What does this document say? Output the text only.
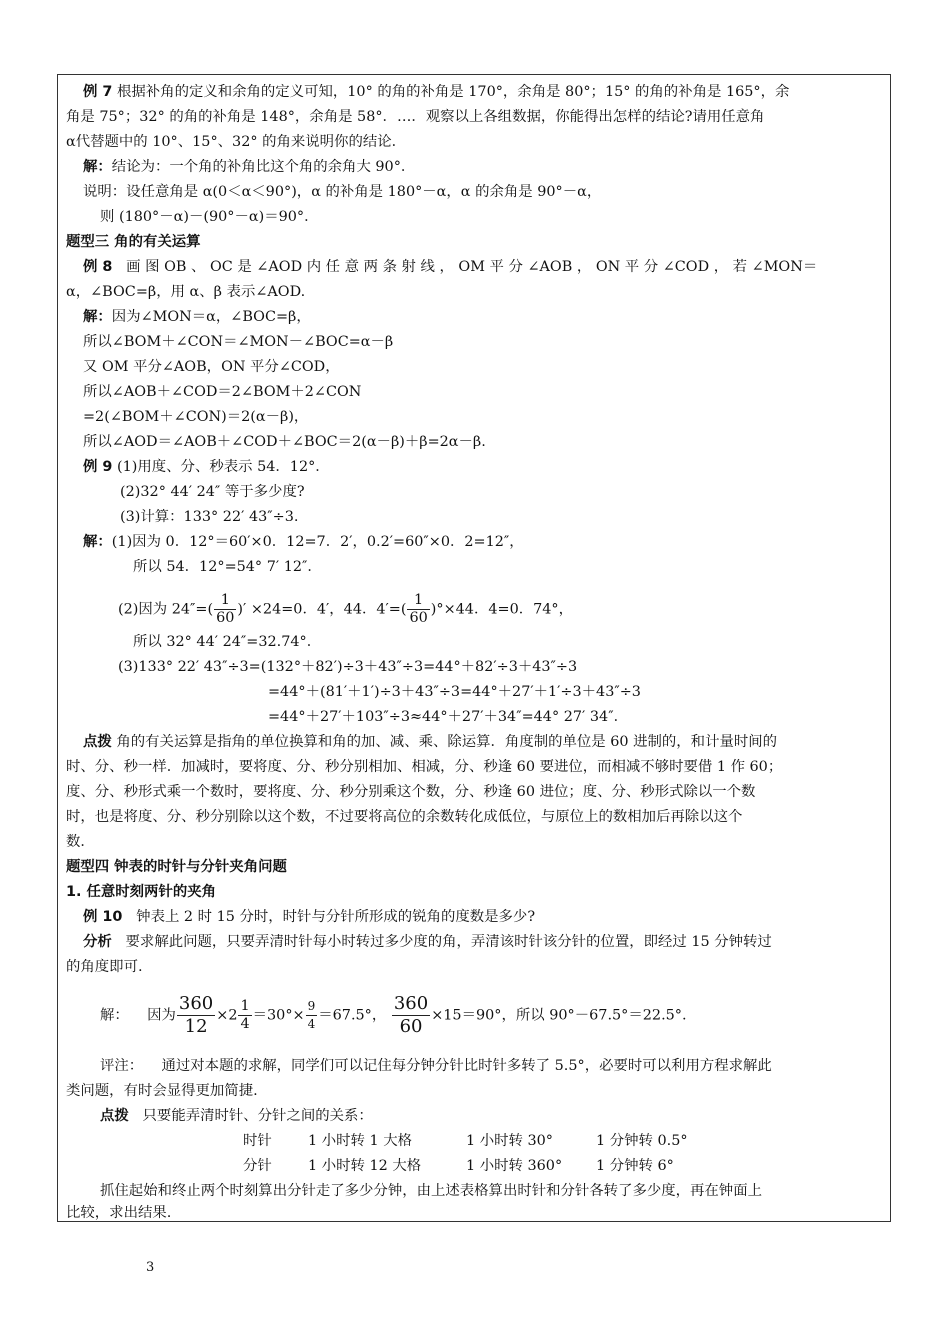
例 7 根据补角的定义和余角的定义可知，10° 的角的补角是 170°，余角是 80°；15° 的角的补角是 165°，余
角是 75°；32° 的角的补角是 148°，余角是 58°．…．观察以上各组数据，你能得出怎样的结论?请用任意角
α代替题中的 10°、15°、32° 的角来说明你的结论．
解：结论为：一个角的补角比这个角的余角大 90°．
说明：设任意角是 α(0＜α＜90°)，α 的补角是 180°－α，α 的余角是 90°－α，
则 (180°－α)－(90°－α)＝90°．
题型三 角的有关运算
例 8 画 图 OB 、 OC 是 ∠AOD 内 任 意 两 条 射 线 ， OM 平 分 ∠AOB ， ON 平 分 ∠COD ， 若 ∠MON＝
α，∠BOC=β，用 α、β 表示∠AOD.
解：因为∠MON＝α，∠BOC=β，
所以∠BOM＋∠CON＝∠MON－∠BOC=α－β
又 OM 平分∠AOB，ON 平分∠COD，
所以∠AOB＋∠COD＝2∠BOM＋2∠CON
=2(∠BOM＋∠CON)＝2(α－β)，
所以∠AOD＝∠AOB＋∠COD＋∠BOC＝2(α－β)＋β=2α－β.
例 9 (1)用度、分、秒表示 54．12°．
(2)32° 44′ 24″ 等于多少度?
(3)计算：133° 22′ 43″÷3.
解：(1)因为 0．12°＝60′×0．12=7．2′，0.2′=60″×0．2=12″，
所以 54．12°=54° 7′ 12″．
(2)因为 $24''=( \frac{1}{60}$ )′ ×24=0．4′，44．$4'=( \frac{1}{60} )^\circ\times 44$．4=0．74°，
所以 32° 44′ 24″=32.74°．
(3)133° 22′ 43″÷3=(132°＋82′)÷3＋43″÷3=44°＋82′÷3＋43″÷3
=44°＋(81′＋1′)÷3＋43″÷3=44°＋27′＋1′÷3＋43″÷3
=44°＋27′＋103″÷3≈44°＋27′＋34″=44° 27′ 34″．
点拨 角的有关运算是指角的单位换算和角的加、减、乘、除运算．角度制的单位是 60 进制的，和计量时间的
时、分、秒一样．加减时，要将度、分、秒分别相加、相减，分、秒逢 60 要进位，而相减不够时要借 1 作 60；
度、分、秒形式乘一个数时，要将度、分、秒分别乘这个数，分、秒逢 60 进位；度、分、秒形式除以一个数
时，也是将度、分、秒分别除以这个数，不过要将高位的余数转化成低位，与原位上的数相加后再除以这个
数．
题型四 钟表的时针与分针夹角问题
1. 任意时刻两针的夹角
例 10 钟表上 2 时 15 分时，时针与分针所形成的锐角的度数是多少?
分析 要求解此问题，只要弄清时针每小时转过多少度的角，弄清该时针该分针的位置，即经过 15 分钟转过
的角度即可.
解： 因为 $\frac{360}{12} \times 2 \frac{1}{4} =30^\circ\times \frac{9}{4} =67.5^\circ$， $\frac{360}{60} \times 15=90^\circ$，所以 90°－67.5°＝22.5°.
评注： 通过对本题的求解，同学们可以记住每分钟分针比时针多转了 5.5°，必要时可以利用方程求解此
类问题，有时会显得更加简捷.
点拨 只要能弄清时针、分针之间的关系：
时针	1 小时转 1 大格	1 小时转 30°	1 分钟转 0.5°
分针	1 小时转 12 大格	1 小时转 360° 1 分钟转 6°
抓住起始和终止两个时刻算出分针走了多少分钟，由上述表格算出时针和分针各转了多少度，再在钟面上
比较，求出结果.
3
